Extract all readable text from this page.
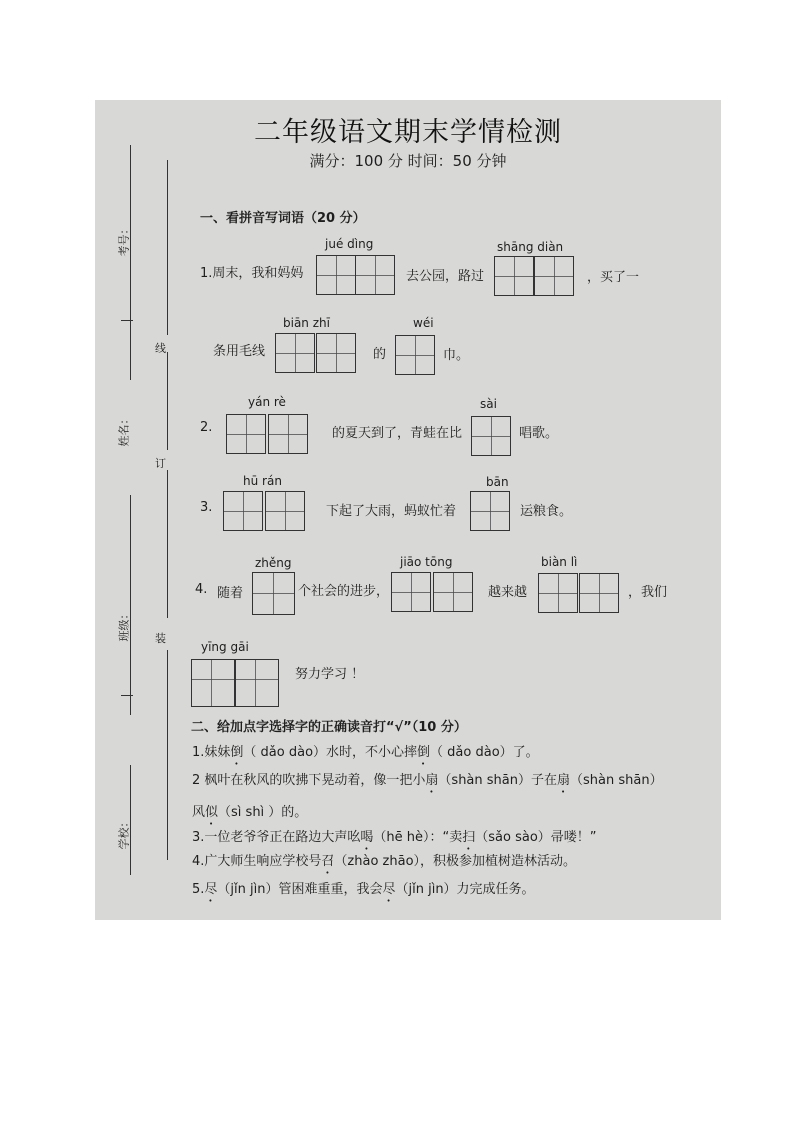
考号：
姓名：
班级：
学校：
线
订
装
二年级语文期末学情检测
满分：100 分 时间：50 分钟
一、看拼音写词语（20 分）
1.周末，我和妈妈
jué dìng
去公园，路过
shāng diàn
，买了一
条用毛线
biān zhī
的
wéi
巾。
2.
yán rè
的夏天到了，青蛙在比
sài
唱歌。
3.
hū rán
下起了大雨，蚂蚁忙着
bān
运粮食。
4. 随着
zhěng
个社会的进步，
jiāo tōng
越来越
biàn lì
，我们
yīng gāi
努力学习 ！
二、给加点字选择字的正确读音打“√”（10 分）
1.妹妹倒（ dǎo dào）水时，不小心摔倒（ dǎo dào）了。
2 枫叶在秋风的吹拂下晃动着，像一把小扇（shàn shān）子在扇（shàn shān）
风似（sì shì ）的。
3.一位老爷爷正在路边大声吆喝（hē hè）：“卖扫（sǎo sào）帚喽！”
4.广大师生响应学校号召（zhào zhāo），积极参加植树造林活动。
5.尽（jǐn jìn）管困难重重，我会尽（jǐn jìn）力完成任务。
